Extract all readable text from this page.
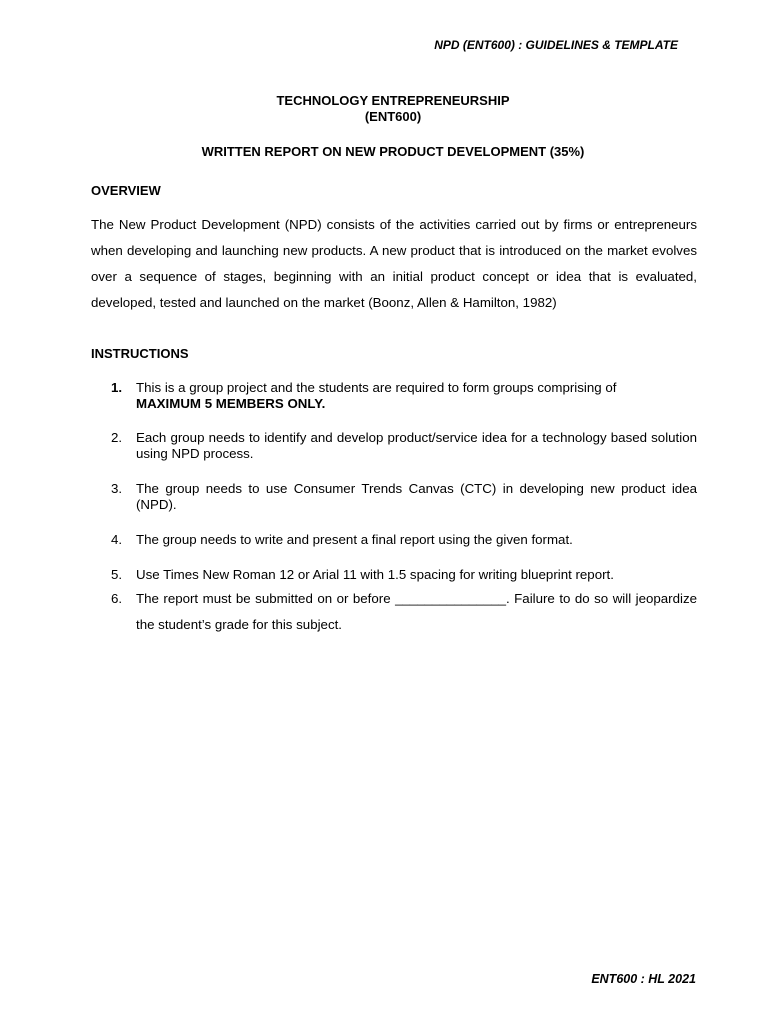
NPD (ENT600) : GUIDELINES & TEMPLATE
TECHNOLOGY ENTREPRENEURSHIP
(ENT600)
WRITTEN REPORT ON NEW PRODUCT DEVELOPMENT (35%)
OVERVIEW

The New Product Development (NPD) consists of the activities carried out by firms or entrepreneurs when developing and launching new products. A new product that is introduced on the market evolves over a sequence of stages, beginning with an initial product concept or idea that is evaluated, developed, tested and launched on the market (Boonz, Allen & Hamilton, 1982)

INSTRUCTIONS
1.	This is a group project and the students are required to form groups comprising of
MAXIMUM 5 MEMBERS ONLY.
2.	Each group needs to identify and develop product/service idea for a technology based solution using NPD process.
3.	The group needs to use Consumer Trends Canvas (CTC) in developing new product idea (NPD).
4.	The group needs to write and present a final report using the given format.
5.	Use Times New Roman 12 or Arial 11 with 1.5 spacing for writing blueprint report.
6.	The report must be submitted on or before _______________. Failure to do so will jeopardize the student’s grade for this subject.
ENT600 : HL 2021
